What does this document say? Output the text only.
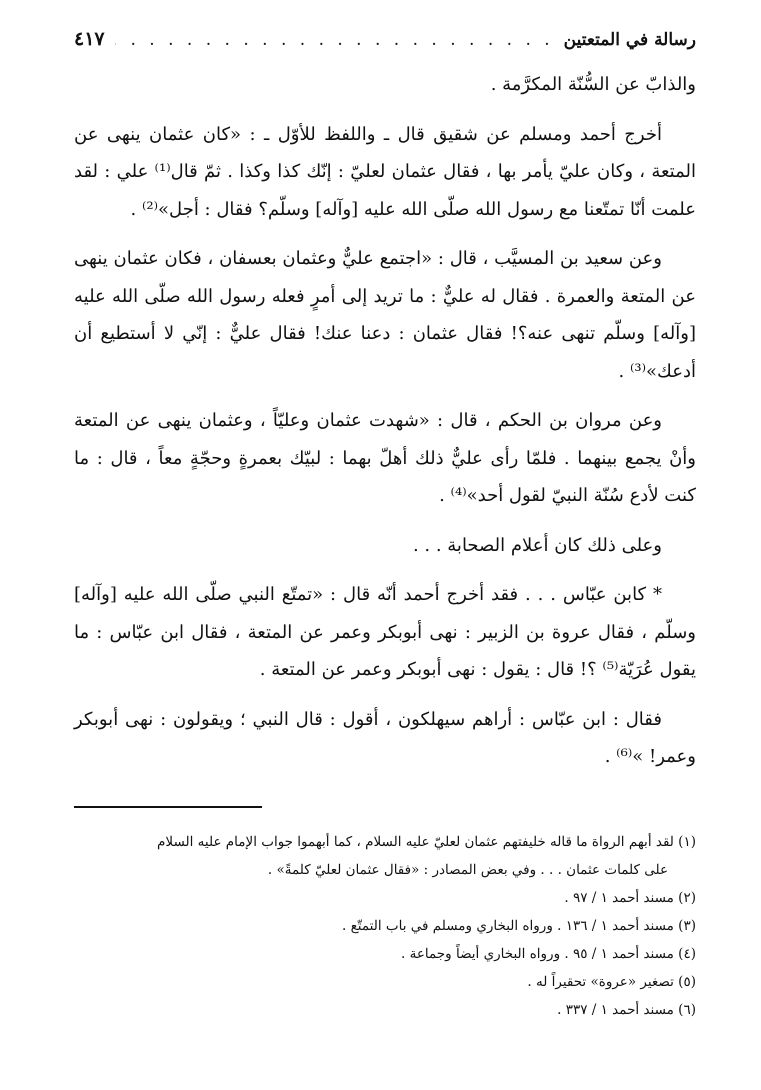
رسالة في المتعتين
. . .
٤١٧

والذابّ عن السُّنّة المكرَّمة .

أخرج أحمد ومسلم عن شقيق قال ـ واللفظ للأوّل ـ : «كان عثمان ينهى عن المتعة ، وكان عليّ يأمر بها ، فقال عثمان لعليّ : إنّك كذا وكذا . ثمّ قال⁽¹⁾ علي : لقد علمت أنّا تمتّعنا مع رسول الله صلّى الله عليه [وآله] وسلّم؟ فقال : أجل»⁽²⁾ .

وعن سعيد بن المسيَّب ، قال : «اجتمع عليٌّ وعثمان بعسفان ، فكان عثمان ينهى عن المتعة والعمرة . فقال له عليٌّ : ما تريد إلى أمرٍ فعله رسول الله صلّى الله عليه [وآله] وسلّم تنهى عنه؟! فقال عثمان : دعنا عنك! فقال عليٌّ : إنّي لا أستطيع أن أدعك»⁽³⁾ .

وعن مروان بن الحكم ، قال : «شهدت عثمان وعليّاً ، وعثمان ينهى عن المتعة وأنْ يجمع بينهما . فلمّا رأى عليٌّ ذلك أهلّ بهما : لبيّك بعمرةٍ وحجّةٍ معاً ، قال : ما كنت لأدع سُنّة النبيّ لقول أحد»⁽⁴⁾ .

وعلى ذلك كان أعلام الصحابة . . .

* كابن عبّاس . . . فقد أخرج أحمد أنّه قال : «تمتّع النبي صلّى الله عليه [وآله] وسلّم ، فقال عروة بن الزبير : نهى أبوبكر وعمر عن المتعة ، فقال ابن عبّاس : ما يقول عُرَيّة⁽⁵⁾ ؟! قال : يقول : نهى أبوبكر وعمر عن المتعة .

فقال : ابن عبّاس : أراهم سيهلكون ، أقول : قال النبي ؛ ويقولون : نهى أبوبكر وعمر! »⁽⁶⁾ .

(١) لقد أبهم الرواة ما قاله خليفتهم عثمان لعليّ عليه السلام ، كما أبهموا جواب الإمام عليه السلام
على كلمات عثمان . . . وفي بعض المصادر : «فقال عثمان لعليّ كلمةً» .

(٢) مسند أحمد ١ / ٩٧ .

(٣) مسند أحمد ١ / ١٣٦ . ورواه البخاري ومسلم في باب التمتّع .

(٤) مسند أحمد ١ / ٩٥ . ورواه البخاري أيضاً وجماعة .

(٥) تصغير «عروة» تحقيراً له .

(٦) مسند أحمد ١ / ٣٣٧ .
